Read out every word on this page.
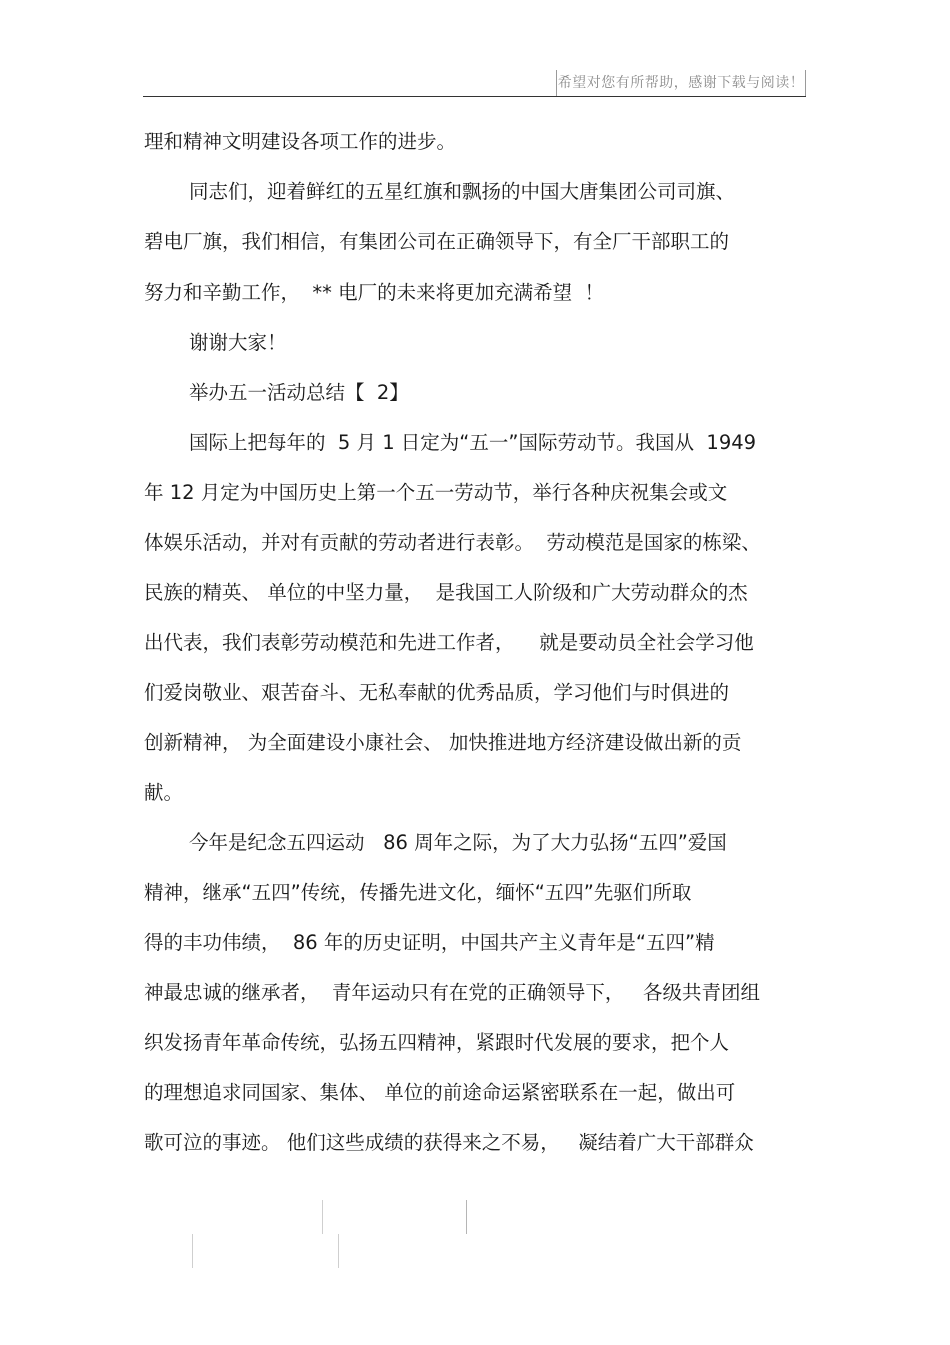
希望对您有所帮助，感谢下载与阅读！
理和精神文明建设各项工作的进步。
同志们，迎着鲜红的五星红旗和飘扬的中国大唐集团公司司旗、
碧电厂旗，我们相信，有集团公司在正确领导下，有全厂干部职工的
努力和辛勤工作，  ** 电厂的未来将更加充满希望  ！
谢谢大家！
举办五一活动总结【  2】
国际上把每年的  5 月 1 日定为“五一”国际劳动节。我国从  1949
年 12 月定为中国历史上第一个五一劳动节，举行各种庆祝集会或文
体娱乐活动，并对有贡献的劳动者进行表彰。  劳动模范是国家的栋梁、
民族的精英、 单位的中坚力量，  是我国工人阶级和广大劳动群众的杰
出代表，我们表彰劳动模范和先进工作者，    就是要动员全社会学习他
们爱岗敬业、艰苦奋斗、无私奉献的优秀品质，学习他们与时俱进的
创新精神， 为全面建设小康社会、 加快推进地方经济建设做出新的贡
献。
今年是纪念五四运动   86 周年之际，为了大力弘扬“五四”爱国
精神，继承“五四”传统，传播先进文化，缅怀“五四”先驱们所取
得的丰功伟绩，  86 年的历史证明，中国共产主义青年是“五四”精
神最忠诚的继承者，  青年运动只有在党的正确领导下，   各级共青团组
织发扬青年革命传统，弘扬五四精神，紧跟时代发展的要求，把个人
的理想追求同国家、集体、 单位的前途命运紧密联系在一起，做出可
歌可泣的事迹。 他们这些成绩的获得来之不易，   凝结着广大干部群众
